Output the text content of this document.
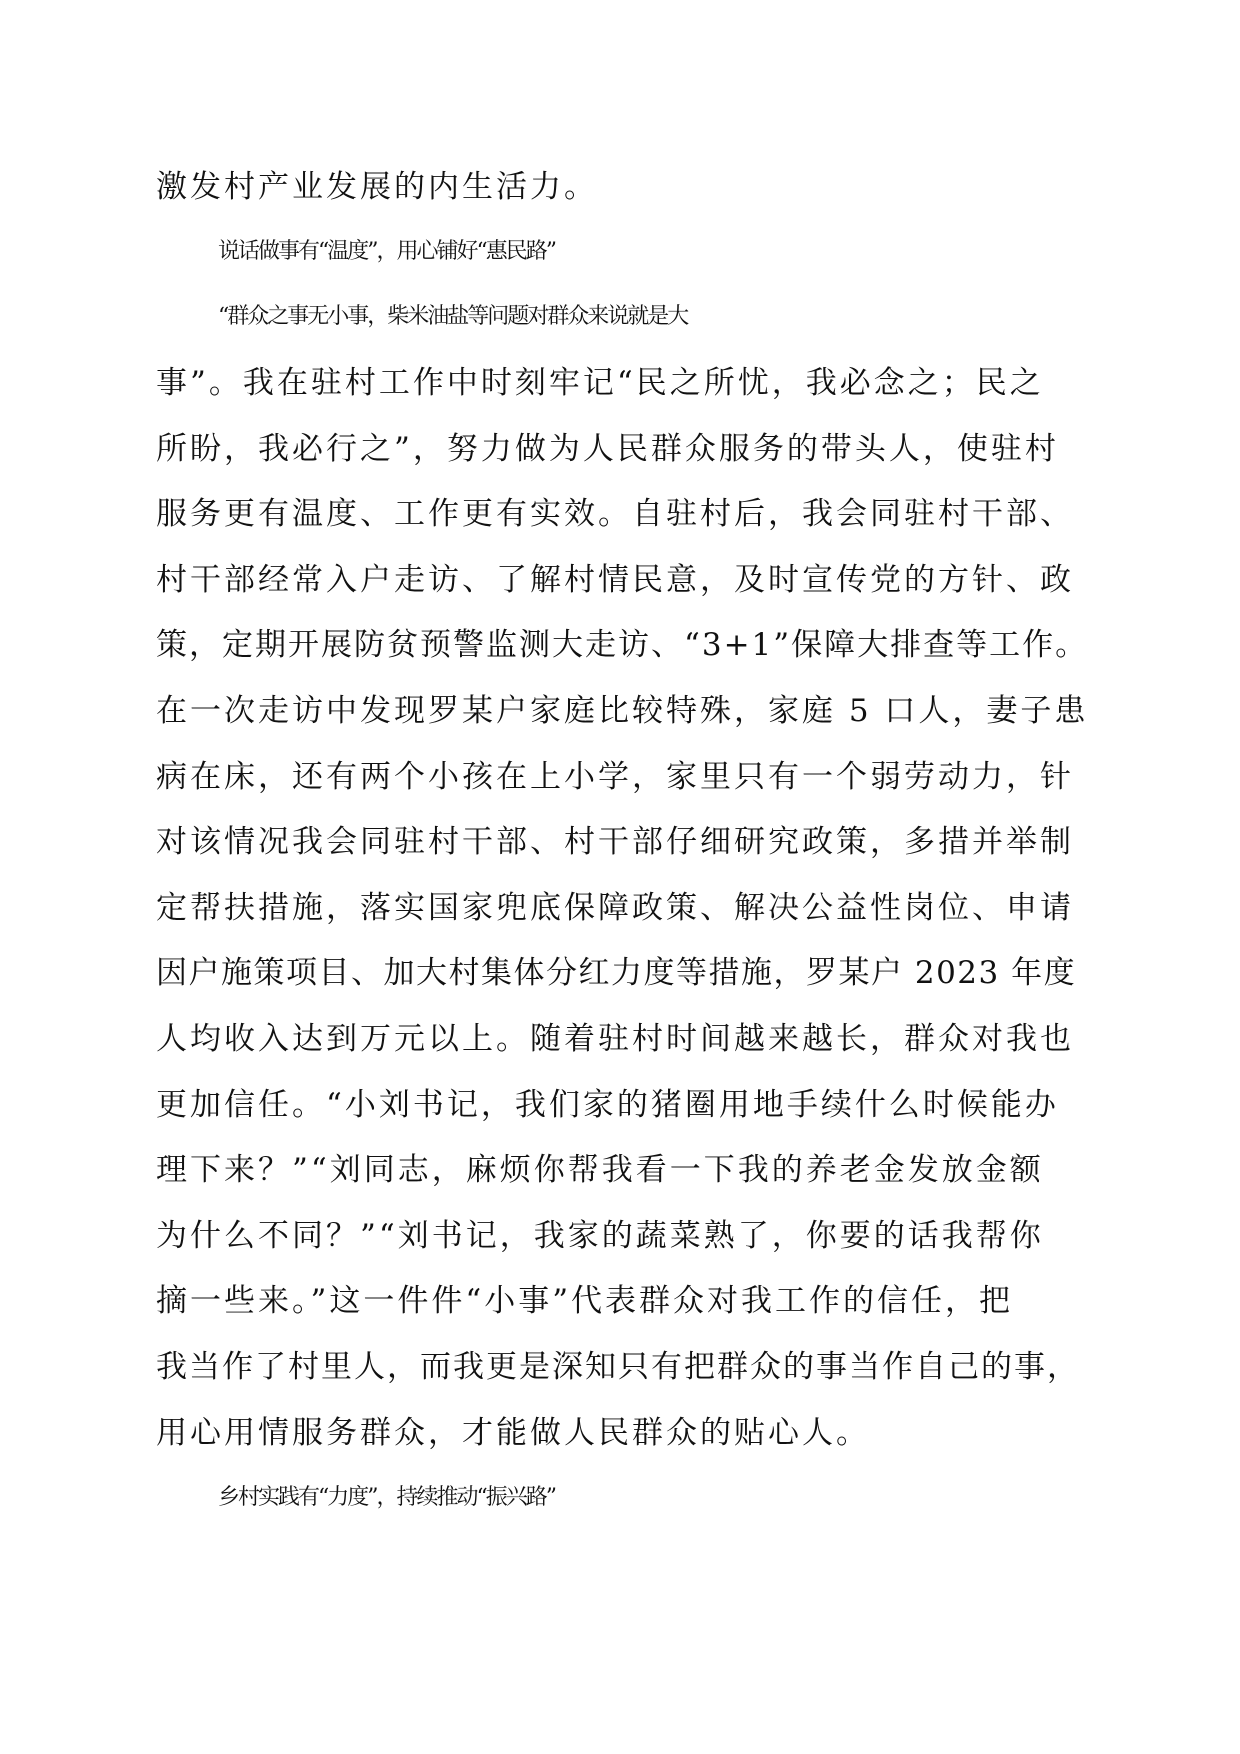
激发村产业发展的内生活力。
说话做事有“温度”，用心铺好“惠民路”
“群众之事无小事，柴米油盐等问题对群众来说就是大
事”。我在驻村工作中时刻牢记“民之所忧，我必念之；民之
所盼，我必行之”，努力做为人民群众服务的带头人，使驻村
服务更有温度、工作更有实效。自驻村后，我会同驻村干部、
村干部经常入户走访、了解村情民意，及时宣传党的方针、政
策，定期开展防贫预警监测大走访、“3+1”保障大排查等工作。
在一次走访中发现罗某户家庭比较特殊，家庭 5 口人，妻子患
病在床，还有两个小孩在上小学，家里只有一个弱劳动力，针
对该情况我会同驻村干部、村干部仔细研究政策，多措并举制
定帮扶措施，落实国家兜底保障政策、解决公益性岗位、申请
因户施策项目、加大村集体分红力度等措施，罗某户 2023 年度
人均收入达到万元以上。随着驻村时间越来越长，群众对我也
更加信任。“小刘书记，我们家的猪圈用地手续什么时候能办
理下来？”“刘同志，麻烦你帮我看一下我的养老金发放金额
为什么不同？”“刘书记，我家的蔬菜熟了，你要的话我帮你
摘一些来。”这一件件“小事”代表群众对我工作的信任，把
我当作了村里人，而我更是深知只有把群众的事当作自己的事，
用心用情服务群众，才能做人民群众的贴心人。
乡村实践有“力度”，持续推动“振兴路”
